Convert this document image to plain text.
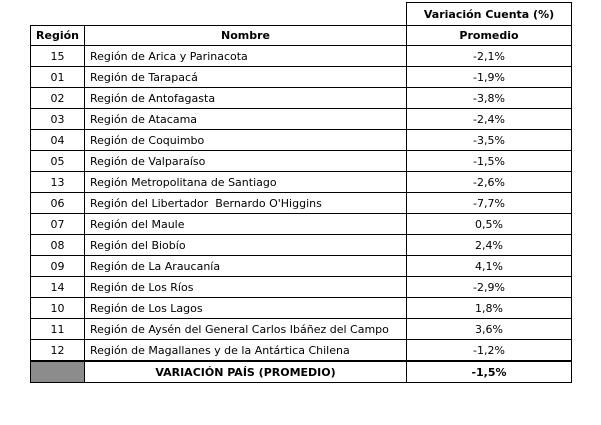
		Variación Cuenta (%)
Región	Nombre	Promedio
15	Región de Arica y Parinacota	-2,1%
01	Región de Tarapacá	-1,9%
02	Región de Antofagasta	-3,8%
03	Región de Atacama	-2,4%
04	Región de Coquimbo	-3,5%
05	Región de Valparaíso	-1,5%
13	Región Metropolitana de Santiago	-2,6%
06	Región del Libertador  Bernardo O'Higgins	-7,7%
07	Región del Maule	0,5%
08	Región del Biobío	2,4%
09	Región de La Araucanía	4,1%
14	Región de Los Ríos	-2,9%
10	Región de Los Lagos	1,8%
11	Región de Aysén del General Carlos Ibáñez del Campo	3,6%
12	Región de Magallanes y de la Antártica Chilena	-1,2%
	VARIACIÓN PAÍS (PROMEDIO)	-1,5%
